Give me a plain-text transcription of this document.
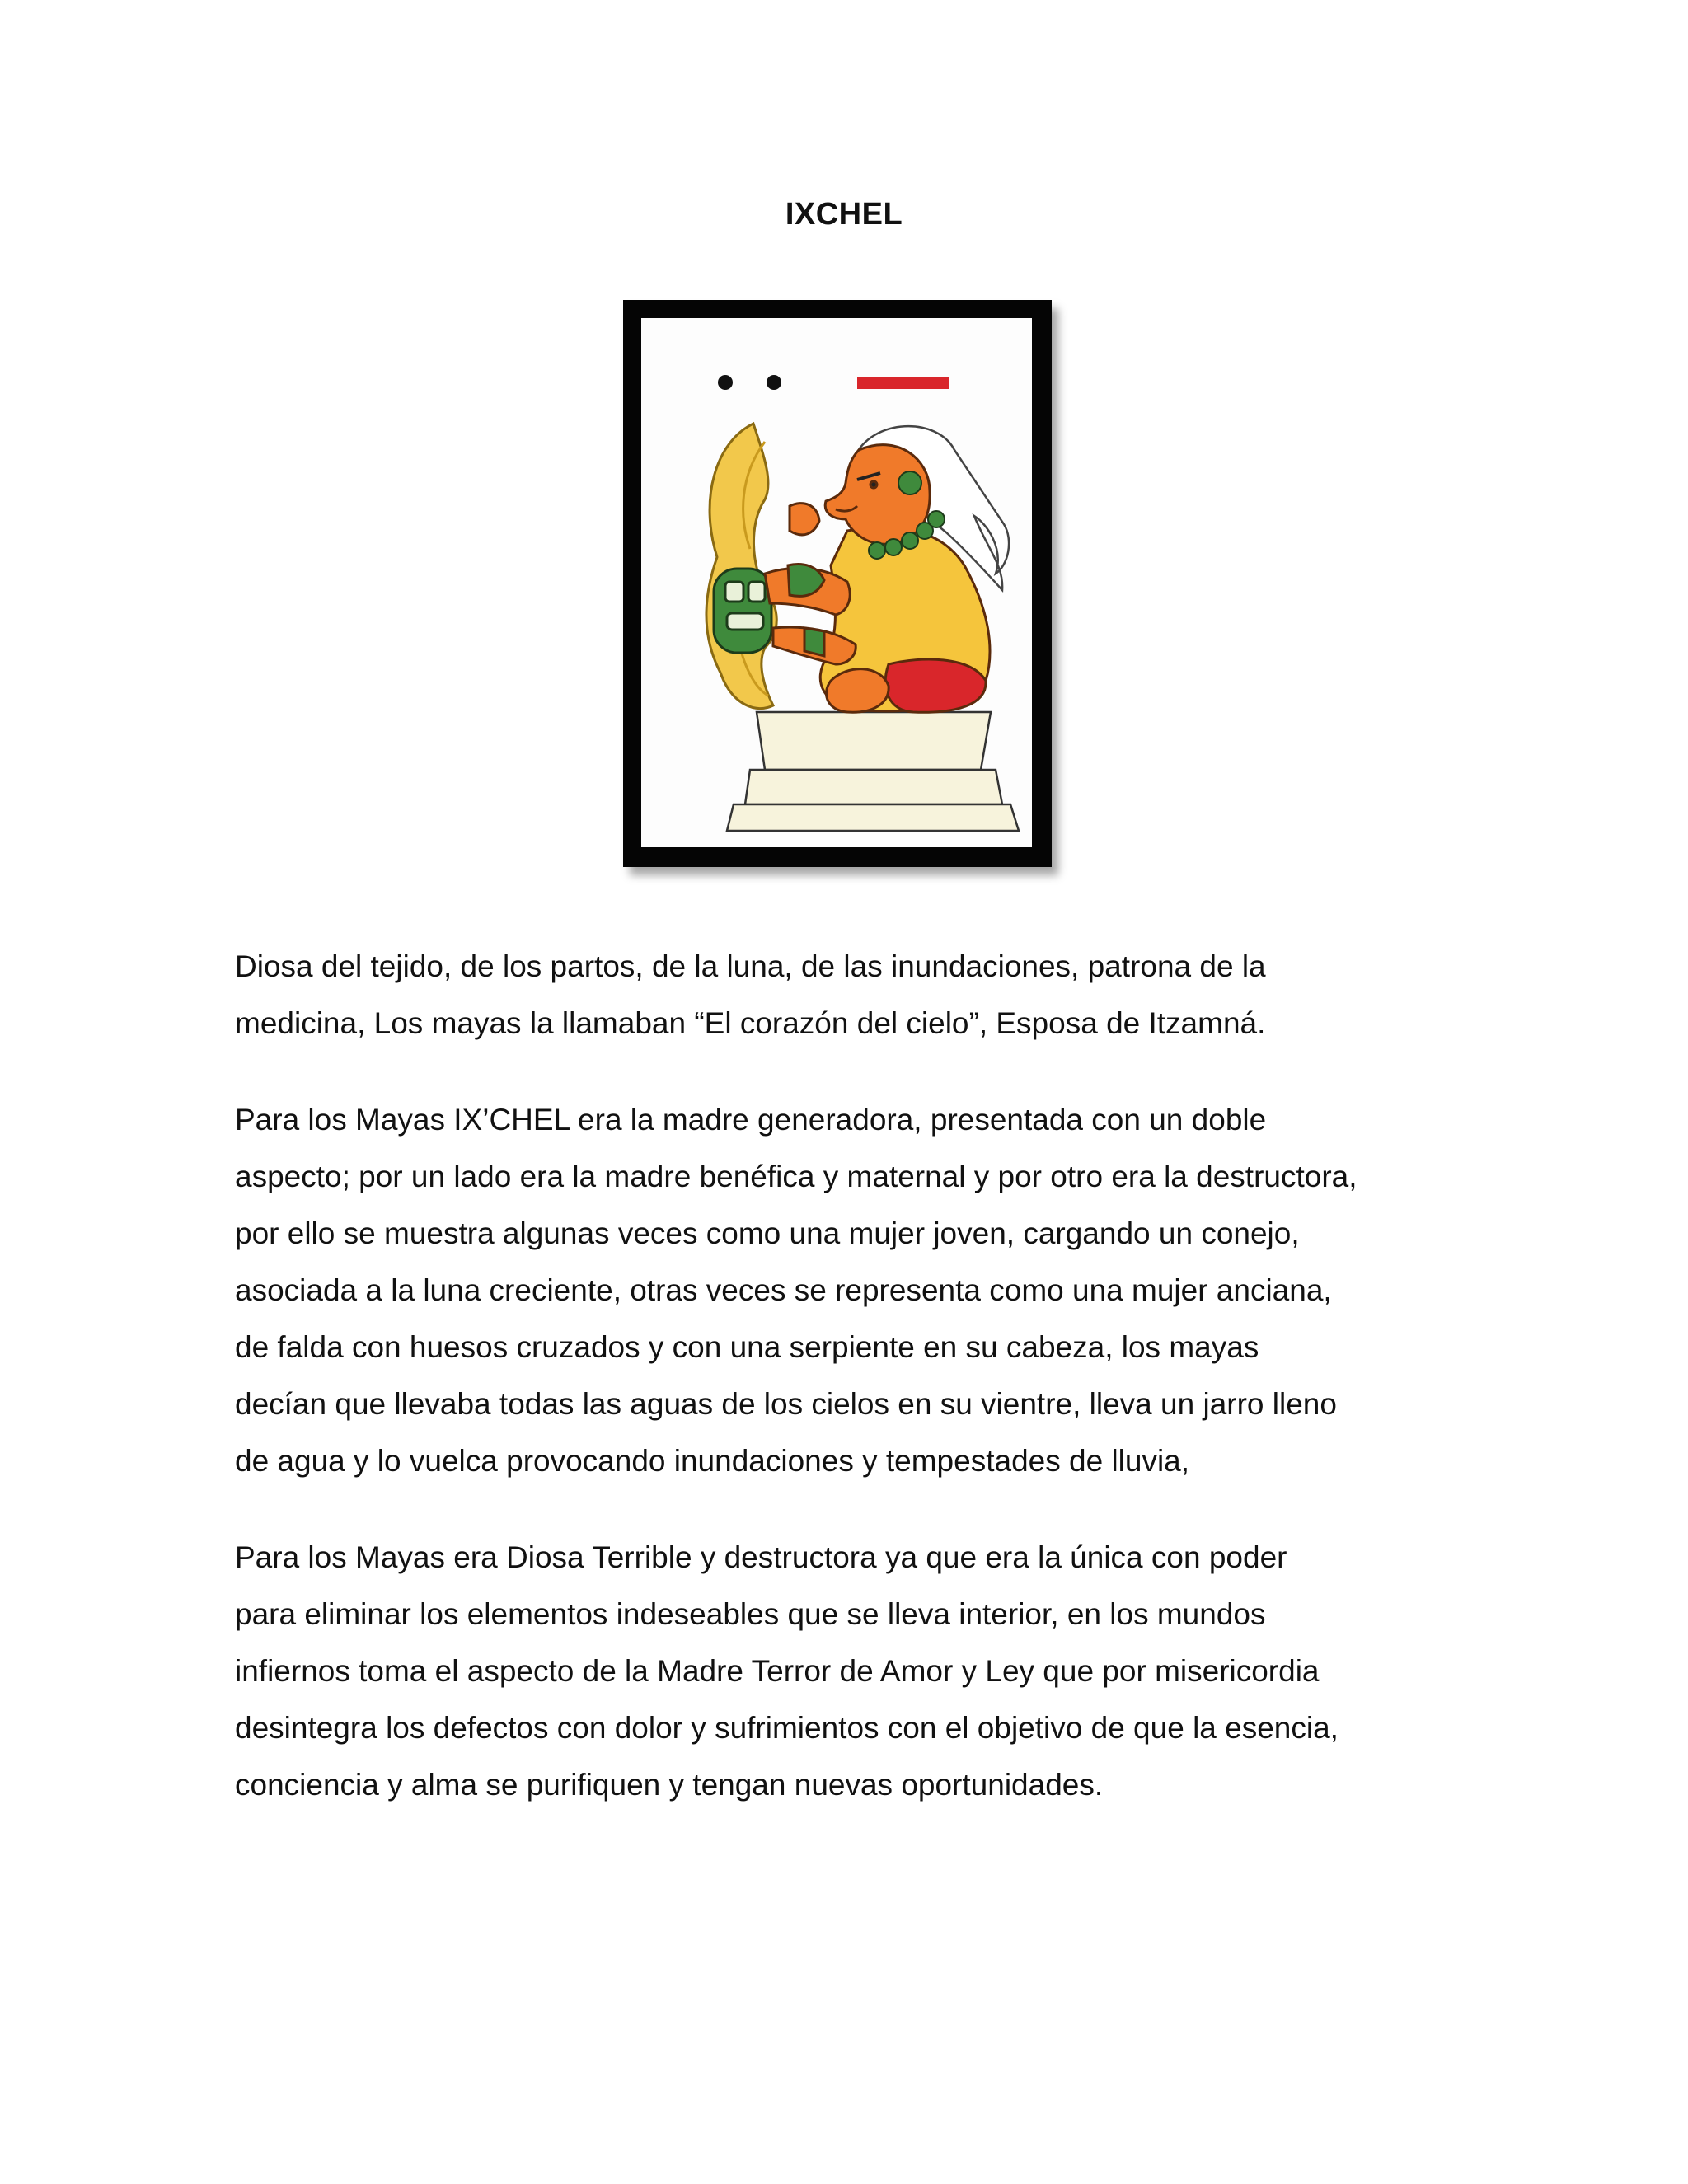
IXCHEL

Diosa del tejido, de los partos, de la luna, de las inundaciones, patrona de la
medicina, Los mayas la llamaban “El corazón del cielo”, Esposa de Itzamná.

Para los Mayas IX’CHEL era la madre generadora, presentada con un doble
aspecto; por un lado era la madre benéfica y maternal y por otro era la destructora,
por ello se muestra algunas veces como una mujer joven, cargando un conejo,
asociada a la luna creciente, otras veces se representa como una mujer anciana,
de falda con huesos cruzados y con una serpiente en su cabeza, los mayas
decían que llevaba todas las aguas de los cielos en su vientre, lleva un jarro lleno
de agua y lo vuelca provocando inundaciones y tempestades de lluvia,

Para los Mayas era Diosa Terrible y destructora ya que era la única con poder
para eliminar los elementos indeseables que se lleva interior, en los mundos
infiernos toma el aspecto de la Madre Terror de Amor y Ley que por misericordia
desintegra los defectos con dolor y sufrimientos con el objetivo de que la esencia,
conciencia y alma se purifiquen y tengan nuevas oportunidades.
